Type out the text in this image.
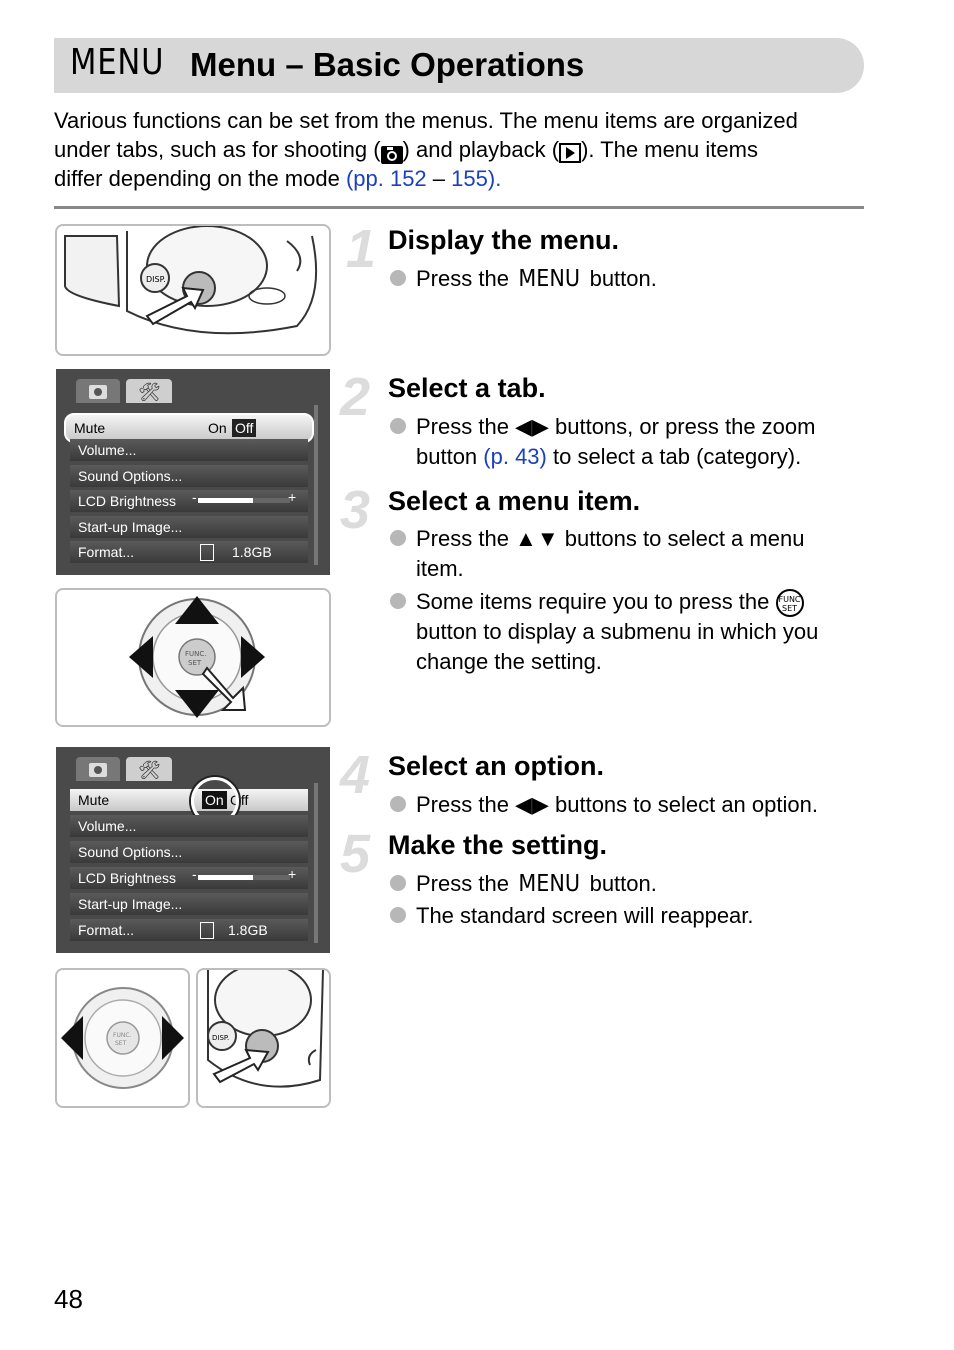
MENU Menu – Basic Operations
Various functions can be set from the menus. The menu items are organized
under tabs, such as for shooting ( ) and playback ( ). The menu items
differ depending on the mode (pp. 152 – 155).
DISP.
🛠
Mute	On Off
Volume...
Sound Options...
LCD Brightness -	+
Start-up Image...
Format...	1.8GB
FUNC.
SET
🛠
Mute	On Off
Volume...
Sound Options...
LCD Brightness -	+
Start-up Image...
Format...	1.8GB
FUNC.
SET
DISP.
1 Display the menu.
Press the MENU button.
2 Select a tab.
Press the ◀▶ buttons, or press the zoom
button (p. 43) to select a tab (category).
3 Select a menu item.
Press the ▲▼ buttons to select a menu
item.
Some items require you to press the FUNC SET
button to display a submenu in which you
change the setting.
4 Select an option.
Press the ◀▶ buttons to select an option.
5 Make the setting.
Press the MENU button.
The standard screen will reappear.
48
